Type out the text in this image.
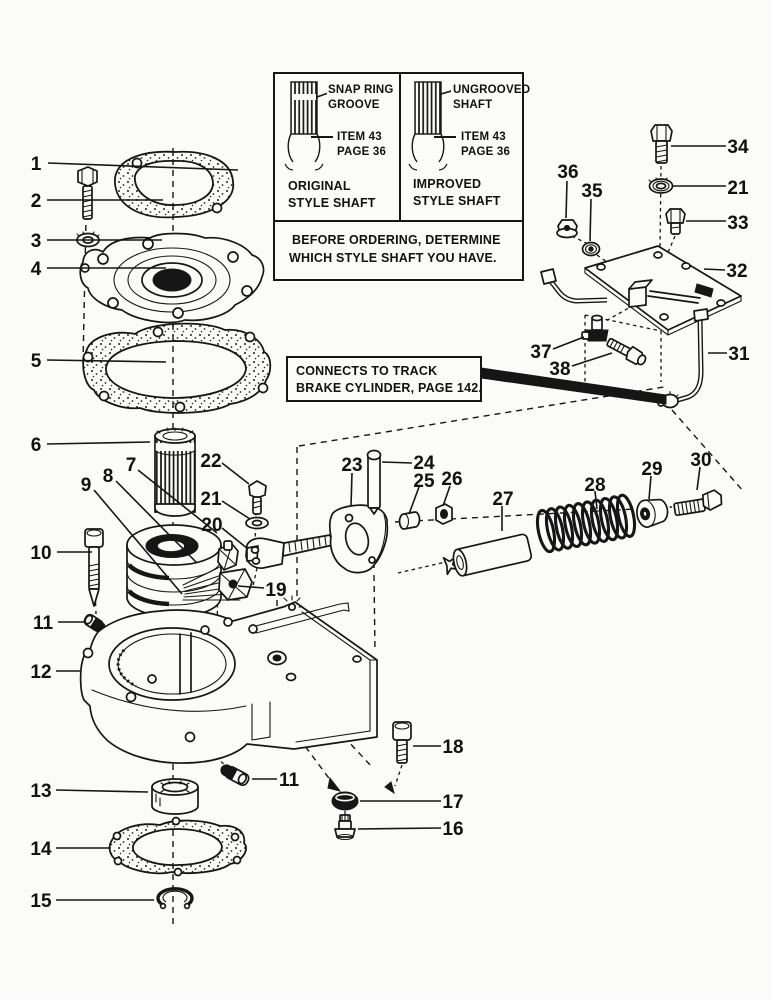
1
2
3
4
5
6
7
8
9
10
11
12
13
14
15
16
17
18
11
19
20
21
22	23	24
25 26
27
28
29 30
31
32
33
34
21
35
36
37
38
SNAP RING
GROOVE
ITEM 43
PAGE 36
ORIGINAL
STYLE SHAFT
UNGROOVED
SHAFT
ITEM 43
PAGE 36
IMPROVED
STYLE SHAFT
BEFORE ORDERING, DETERMINE
WHICH STYLE SHAFT YOU HAVE.
CONNECTS TO TRACK
BRAKE CYLINDER, PAGE 142.
